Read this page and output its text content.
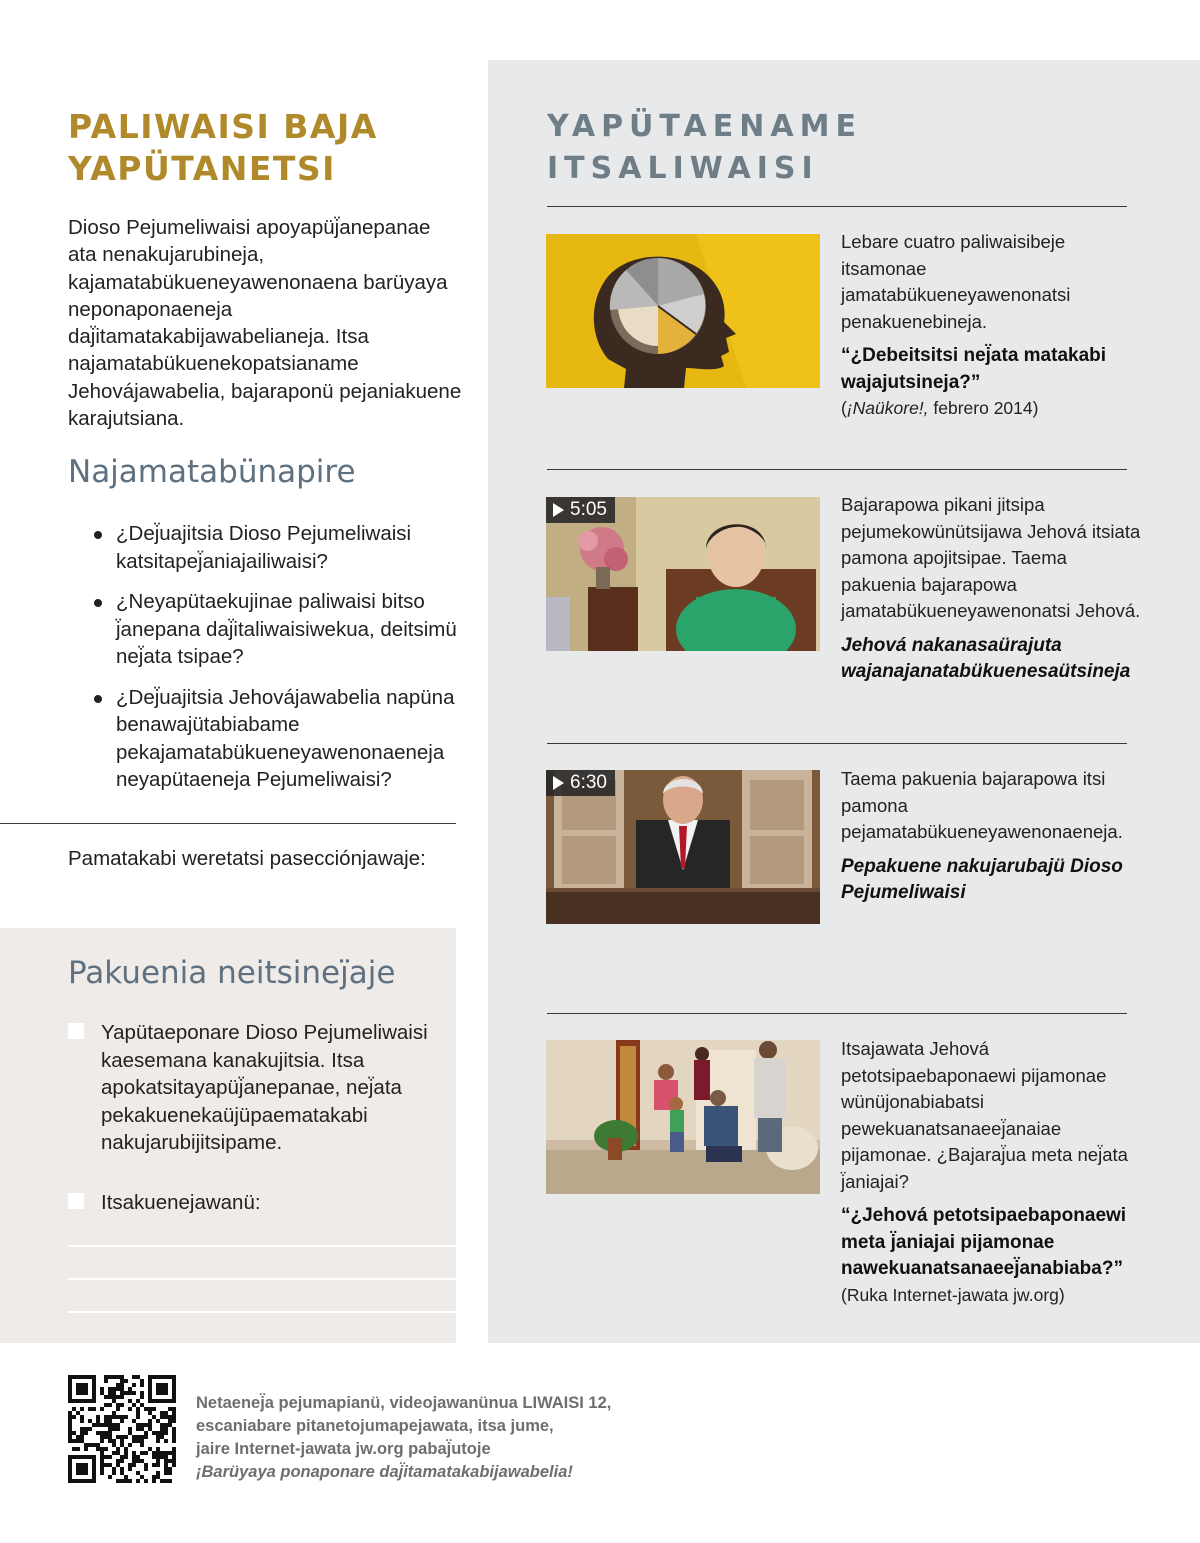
PALIWAISI BAJA
YAPÜTANETSI

Dioso Pejumeliwaisi apoyapüj̈anepanae ata nenakujarubineja, kajamatabükueneyawenonaena barüyaya neponaponaeneja daj̈itamatakabijawabelianeja. Itsa najamatabükuenekopatsianame Jehovájawabelia, bajaraponü pejaniakuene karajutsiana.

Najamatabünapire
¿Dej̈uajitsia Dioso Pejumeliwaisi katsitapej̈aniajailiwaisi?
¿Neyapütaekujinae paliwaisi bitso j̈anepana daj̈italiwaisiwekua, deitsimü nej̈ata tsipae?
¿Dej̈uajitsia Jehovájawabelia napüna benawajütabiabame pekajamatabükueneyawenonaeneja neyapütaeneja Pejumeliwaisi?
Pamatakabi weretatsi pasecciónjawaje:
Pakuenia neitsinej̈aje
Yapütaeponare Dioso Pejumeliwaisi kaesemana kanakujitsia. Itsa apokatsitayapüj̈anepanae, nej̈ata pekakuenekaüjüpaematakabi nakujarubijitsipame.
Itsakuenejawanü:
YAPÜTAENAME
ITSALIWAISI

Lebare cuatro paliwaisibeje itsamonae jamatabükueneyawenonatsi penakuenebineja.

“¿Debeitsitsi nej̈ata matakabi wajajutsineja?”

(¡Naükore!, febrero 2014)

5:05	Bajarapowa pikani jitsipa pejumekowünütsijawa Jehová itsiata pamona apojitsipae. Taema pakuenia bajarapowa jamatabükueneyawenonatsi Jehová.

Jehová nakanasaürajuta wajanajanatabükuenesaütsineja

6:30	Taema pakuenia bajarapowa itsi pamona pejamatabükueneyawenonaeneja.

Pepakuene nakujarubajü Dioso Pejumeliwaisi

Itsajawata Jehová petotsipaebaponaewi pijamonae wünüjonabiabatsi pewekuanatsanaeej̈anaiae pijamonae. ¿Bajaraj̈ua meta nej̈ata j̈aniajai?

“¿Jehová petotsipaebaponaewi meta j̈aniajai pijamonae nawekuanatsanaeej̈anabiaba?”

(Ruka Internet-jawata jw.org)

Netaenej̈a pejumapianü, videojawanünua LIWAISI 12,
escaniabare pitanetojumapejawata, itsa jume,
jaire Internet-jawata jw.org pabaj̈utoje
¡Barüyaya ponaponare daj̈itamatakabijawabelia!
